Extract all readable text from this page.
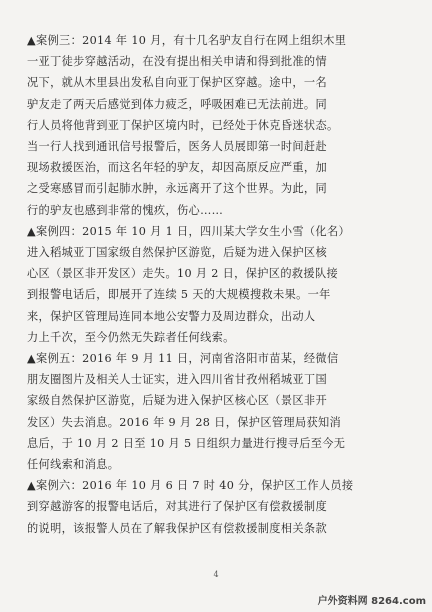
▲案例三：2014 年 10 月，有十几名驴友自行在网上组织木里
一亚丁徒步穿越活动，在没有提出相关申请和得到批准的情
况下，就从木里县出发私自向亚丁保护区穿越。途中，一名
驴友走了两天后感觉到体力疲乏，呼吸困难已无法前进。同
行人员将他背到亚丁保护区境内时，已经处于休克昏迷状态。
当一行人找到通讯信号报警后，医务人员展即第一时间赶赴
现场救援医治，而这名年轻的驴友，却因高原反应严重，加
之受寒感冒而引起肺水肿，永远离开了这个世界。为此，同
行的驴友也感到非常的愧疚，伤心……
▲案例四：2015 年 10 月 1 日，四川某大学女生小雪（化名）
进入稻城亚丁国家级自然保护区游览，后疑为进入保护区核
心区（景区非开发区）走失。10 月 2 日，保护区的救援队接
到报警电话后，即展开了连续 5 天的大规模搜救未果。一年
来，保护区管理局连同本地公安警力及周边群众，出动人
力上千次，至今仍然无失踪者任何线索。
▲案例五：2016 年 9 月 11 日，河南省洛阳市苗某，经微信
朋友圈图片及相关人士证实，进入四川省甘孜州稻城亚丁国
家级自然保护区游览，后疑为进入保护区核心区（景区非开
发区）失去消息。2016 年 9 月 28 日，保护区管理局获知消
息后，于 10 月 2 日至 10 月 5 日组织力量进行搜寻后至今无
任何线索和消息。
▲案例六：2016 年 10 月 6 日 7 时 40 分，保护区工作人员接
到穿越游客的报警电话后，对其进行了保护区有偿救援制度
的说明，该报警人员在了解我保护区有偿救援制度相关条款
4
户外资料网 8264.com
